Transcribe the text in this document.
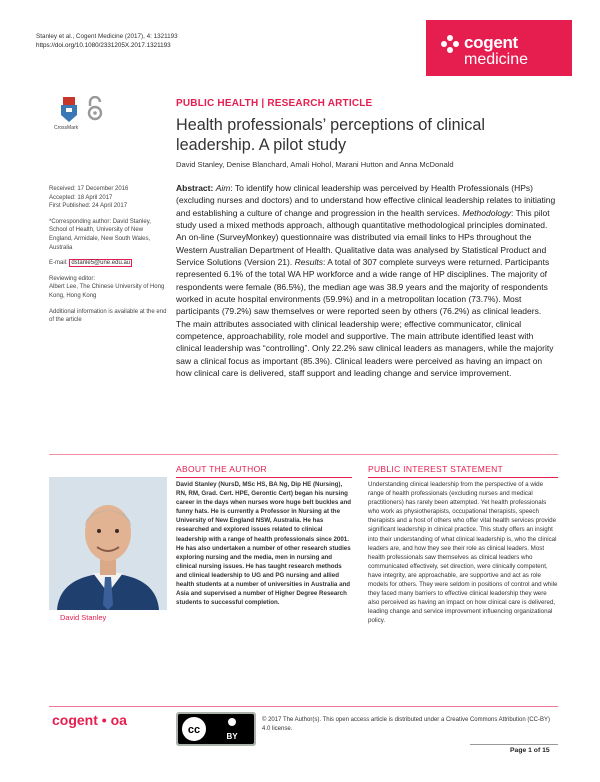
Stanley et al., Cogent Medicine (2017), 4: 1321193
https://doi.org/10.1080/2331205X.2017.1321193	cogent
medicine
CrossMark
PUBLIC HEALTH | RESEARCH ARTICLE
Health professionals’ perceptions of clinical leadership. A pilot study
David Stanley, Denise Blanchard, Amali Hohol, Marani Hutton and Anna McDonald

Received: 17 December 2016
Accepted: 18 April 2017
First Published: 24 April 2017

*Corresponding author: David Stanley, School of Health, University of New England, Armidale, New South Wales, Australia

E-mail: dstanle5@une.edu.au

Reviewing editor:
Albert Lee, The Chinese University of Hong Kong, Hong Kong

Additional information is available at the end of the article

Abstract: Aim: To identify how clinical leadership was perceived by Health Professionals (HPs) (excluding nurses and doctors) and to understand how effective clinical leadership relates to initiating and establishing a culture of change and progression in the health services. Methodology: This pilot study used a mixed methods approach, although quantitative methodological principles dominated. An on-line (SurveyMonkey) questionnaire was distributed via email links to HPs throughout the Western Australian Department of Health. Qualitative data was analysed by Statistical Product and Service Solutions (Version 21). Results: A total of 307 complete surveys were returned. Participants represented 6.1% of the total WA HP workforce and a wide range of HP disciplines. The majority of respondents were female (86.5%), the median age was 38.9 years and the majority of respondents worked in acute hospital environments (59.9%) and in a metropolitan location (73.7%). Most participants (79.2%) saw themselves or were reported seen by others (76.2%) as clinical leaders. The main attributes associated with clinical leadership were; effective communicator, clinical competence, approachability, role model and supportive. The main attribute identified least with clinical leadership was “controlling”. Only 22.2% saw clinical leaders as managers, while the majority saw a clinical focus as important (85.3%). Clinical leaders were perceived as having an impact on how clinical care is delivered, staff support and leading change and service improvement.
ABOUT THE AUTHOR
David Stanley
David Stanley (NursD, MSc HS, BA Ng, Dip HE (Nursing), RN, RM, Grad. Cert. HPE, Gerontic Cert) began his nursing career in the days when nurses wore huge belt buckles and funny hats. He is currently a Professor in Nursing at the University of New England NSW, Australia. He has researched and explored issues related to clinical leadership with a range of health professionals since 2001. He has also undertaken a number of other research studies exploring nursing and the media, men in nursing and clinical nursing issues. He has taught research methods and clinical leadership to UG and PG nursing and allied health students at a number of universities in Australia and Asia and supervised a number of Higher Degree Research students to successful completion.
PUBLIC INTEREST STATEMENT
Understanding clinical leadership from the perspective of a wide range of health professionals (excluding nurses and medical practitioners) has rarely been attempted. Yet health professionals who work as physiotherapists, occupational therapists, speech therapists and a host of others who offer vital health services provide significant leadership in clinical practice. This study offers an insight into their understanding of what clinical leadership is, who the clinical leaders are, and how they see their role as clinical leaders. Most health professionals saw themselves as clinical leaders who communicated effectively, set direction, were clinically competent, have integrity, are approachable, are supportive and act as role models for others. They were seldom in positions of control and while they faced many barriers to effective clinical leadership they were also perceived as having an impact on how clinical care is delivered, leading change and service improvement influencing organizational policy.
cogent • oa
cc
BY
© 2017 The Author(s). This open access article is distributed under a Creative Commons Attribution (CC-BY) 4.0 license.
Page 1 of 15
